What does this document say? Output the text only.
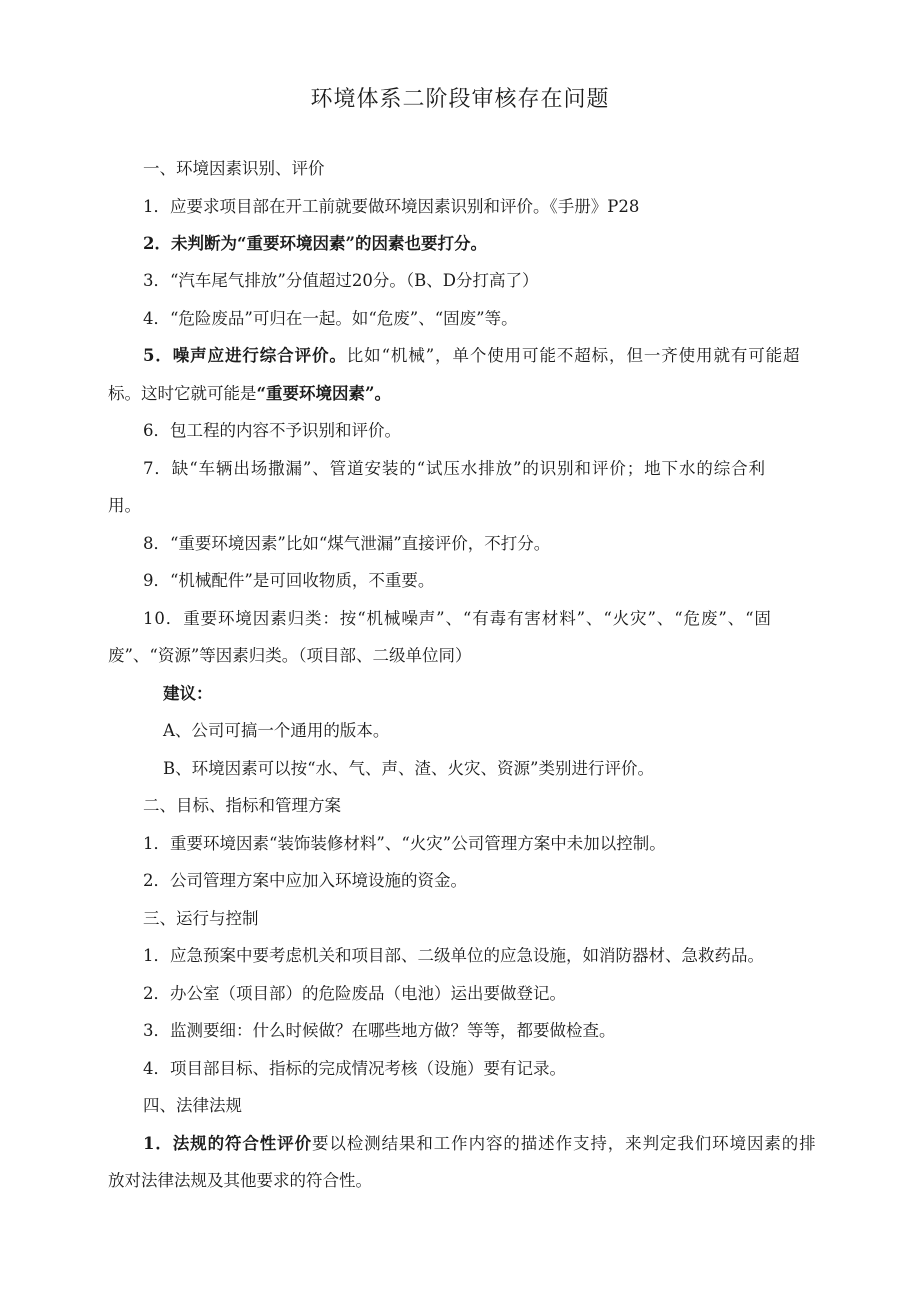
环境体系二阶段审核存在问题
一、环境因素识别、评价
1．应要求项目部在开工前就要做环境因素识别和评价。《手册》P28
2．未判断为“重要环境因素”的因素也要打分。
3．“汽车尾气排放”分值超过20分。（B、D分打高了）
4．“危险废品”可归在一起。如“危废”、“固废”等。
5．噪声应进行综合评价。比如“机械”，单个使用可能不超标，但一齐使用就有可能超
标。这时它就可能是“重要环境因素”。
6．包工程的内容不予识别和评价。
7．缺“车辆出场撒漏”、管道安装的“试压水排放”的识别和评价；地下水的综合利
用。
8．“重要环境因素”比如“煤气泄漏”直接评价，不打分。
9．“机械配件”是可回收物质，不重要。
10．重要环境因素归类：按“机械噪声”、“有毒有害材料”、“火灾”、“危废”、“固
废”、“资源”等因素归类。（项目部、二级单位同）
建议：
A、公司可搞一个通用的版本。
B、环境因素可以按“水、气、声、渣、火灾、资源”类别进行评价。
二、目标、指标和管理方案
1．重要环境因素“装饰装修材料”、“火灾”公司管理方案中未加以控制。
2．公司管理方案中应加入环境设施的资金。
三、运行与控制
1．应急预案中要考虑机关和项目部、二级单位的应急设施，如消防器材、急救药品。
2．办公室（项目部）的危险废品（电池）运出要做登记。
3．监测要细：什么时候做？在哪些地方做？等等，都要做检查。
4．项目部目标、指标的完成情况考核（设施）要有记录。
四、法律法规
1．法规的符合性评价要以检测结果和工作内容的描述作支持，来判定我们环境因素的排
放对法律法规及其他要求的符合性。
